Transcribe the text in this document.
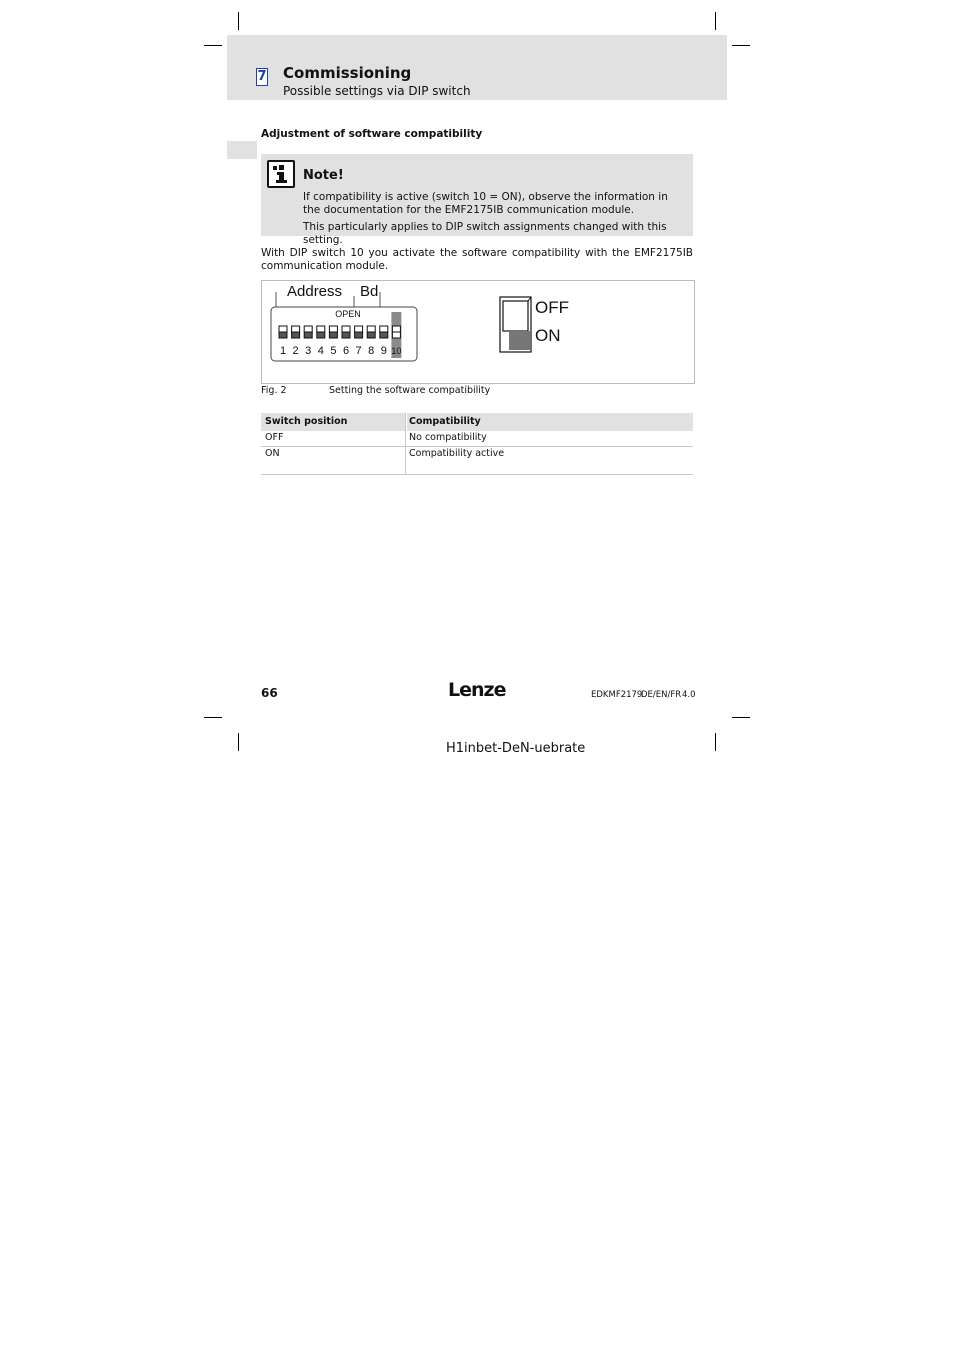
7 Commissioning
Possible settings via DIP switch
Adjustment of software compatibility
Note!
If compatibility is active (switch 10 = ON), observe the information in the documentation for the EMF2175IB communication module.
This particularly applies to DIP switch assignments changed with this setting.
With DIP switch 10 you activate the software compatibility with the EMF2175IB communication module.
Address Bd
OPEN
1 2 3 4 5 6 7 8 9 10
OFF
ON
Fig. 2	Setting the software compatibility
Switch position	Compatibility
OFF	No compatibility
ON	Compatibility active
66	Lenze	EDKMF2179
DE/EN/FR 4.0
H1inbet-DeN-uebrate
